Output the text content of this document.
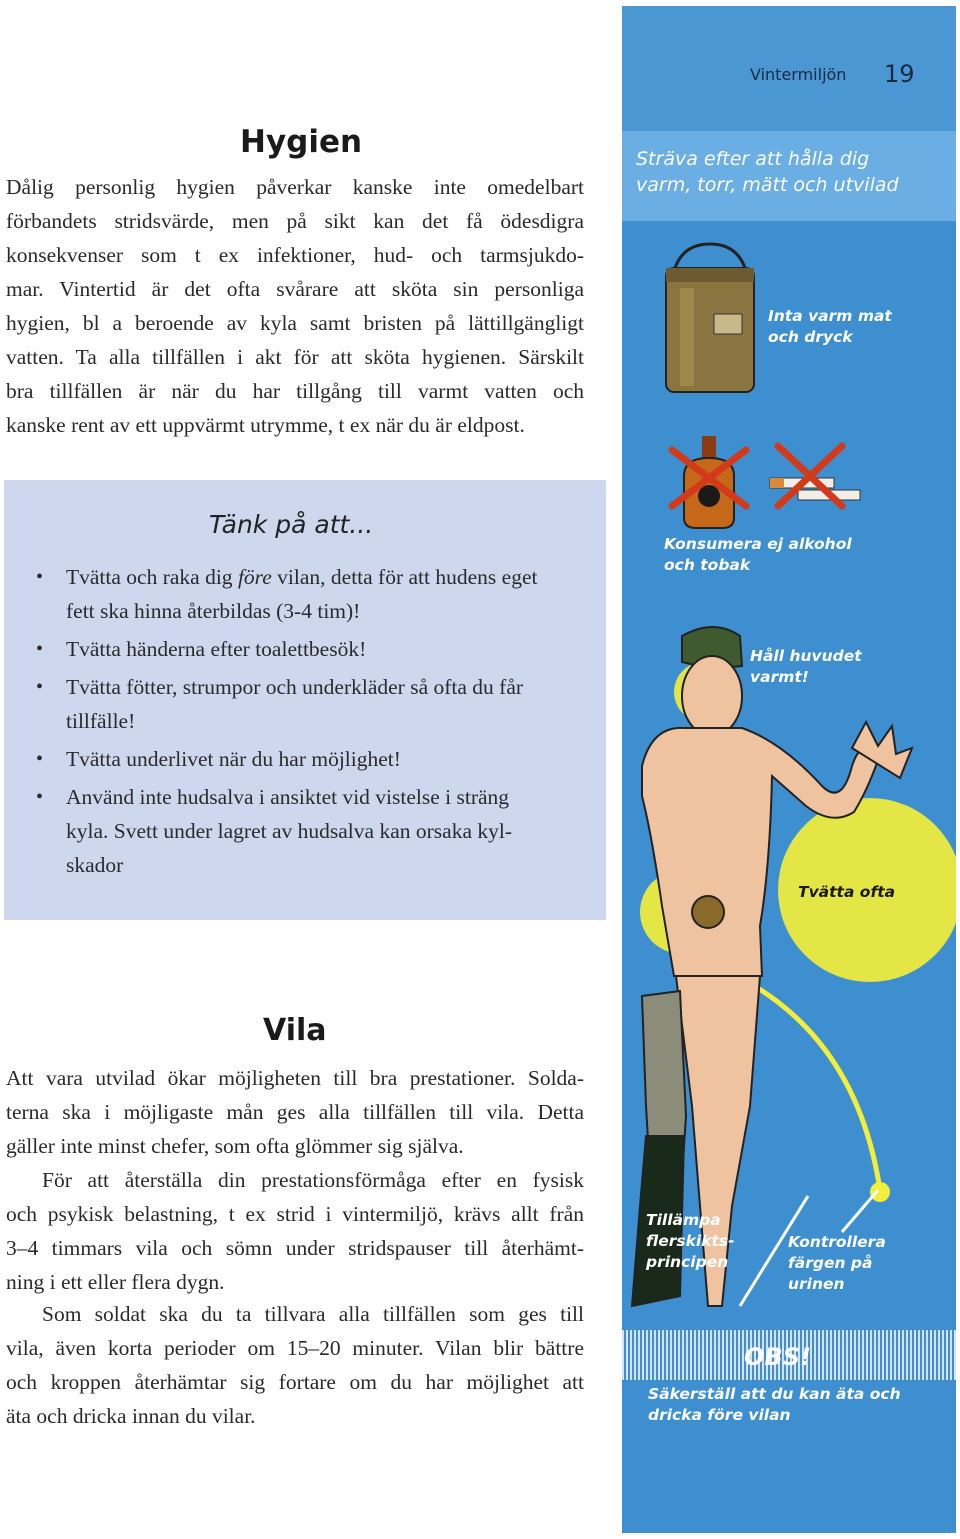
Hygien

Dålig personlig hygien påverkar kanske inte omedelbart
förbandets stridsvärde, men på sikt kan det få ödesdigra
konsekvenser som t ex infektioner, hud- och tarmsjukdo-
mar. Vintertid är det ofta svårare att sköta sin personliga
hygien, bl a beroende av kyla samt bristen på lättillgängligt
vatten. Ta alla tillfällen i akt för att sköta hygienen. Särskilt
bra tillfällen är när du har tillgång till varmt vatten och
kanske rent av ett uppvärmt utrymme, t ex när du är eldpost.

Tänk på att...
• Tvätta och raka dig före vilan, detta för att hudens eget
fett ska hinna återbildas (3-4 tim)!
• Tvätta händerna efter toalettbesök!
• Tvätta fötter, strumpor och underkläder så ofta du får
tillfälle!
• Tvätta underlivet när du har möjlighet!
• Använd inte hudsalva i ansiktet vid vistelse i sträng
kyla. Svett under lagret av hudsalva kan orsaka kyl-
skador
Vila

Att vara utvilad ökar möjligheten till bra prestationer. Solda-
terna ska i möjligaste mån ges alla tillfällen till vila. Detta
gäller inte minst chefer, som ofta glömmer sig själva.

För att återställa din prestationsförmåga efter en fysisk
och psykisk belastning, t ex strid i vintermiljö, krävs allt från
3–4 timmars vila och sömn under stridspauser till återhämt-
ning i ett eller flera dygn.

Som soldat ska du ta tillvara alla tillfällen som ges till
vila, även korta perioder om 15–20 minuter. Vilan blir bättre
och kroppen återhämtar sig fortare om du har möjlighet att
äta och dricka innan du vilar.

Vintermiljön 19
Sträva efter att hålla dig
varm, torr, mätt och utvilad
Inta varm mat
och dryck
Konsumera ej alkohol
och tobak
Håll huvudet
varmt!
Tvätta ofta
Tillämpa
flerskikts-
principen
Kontrollera
färgen på
urinen
OBS!
Säkerställ att du kan äta och
dricka före vilan
